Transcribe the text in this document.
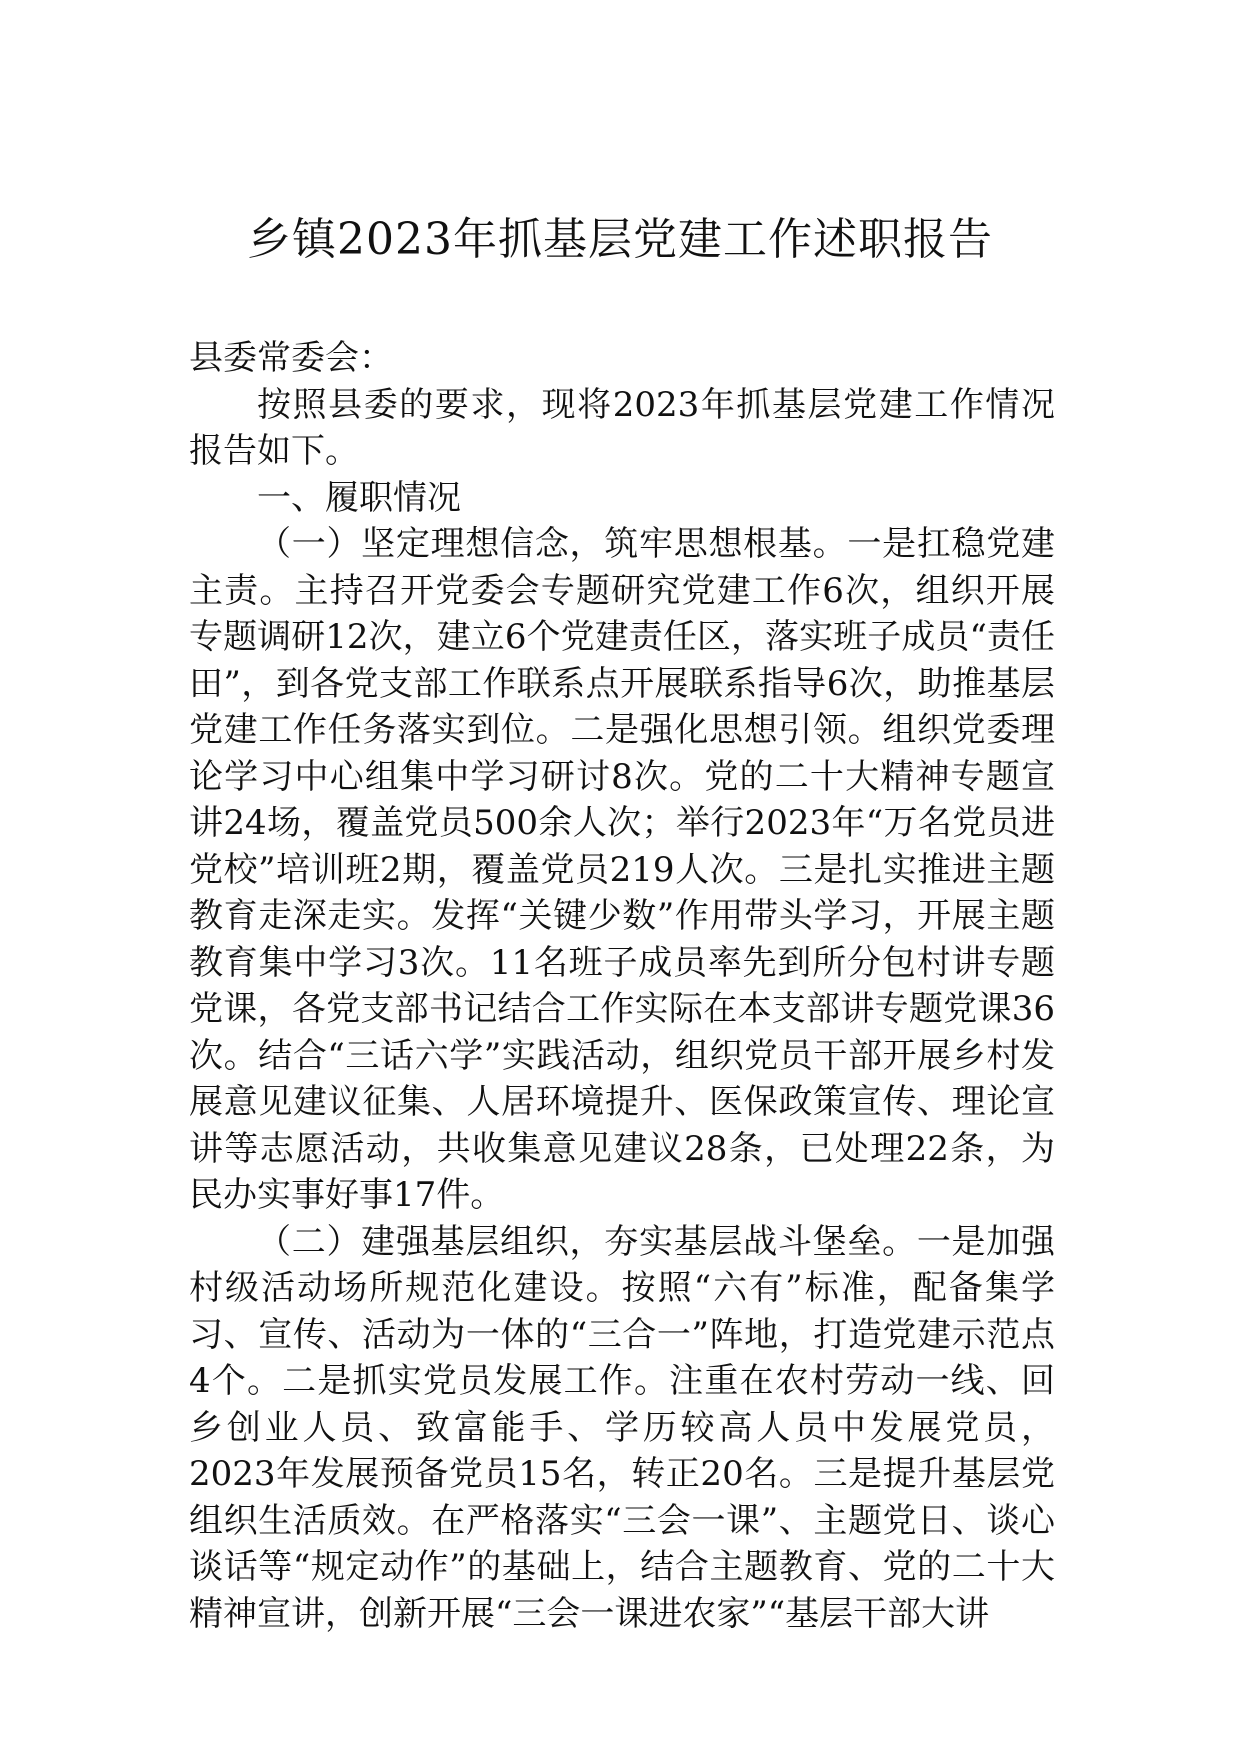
乡镇2023年抓基层党建工作述职报告

县委常委会：

按照县委的要求，现将2023年抓基层党建工作情况报告如下。

一、履职情况

（一）坚定理想信念，筑牢思想根基。一是扛稳党建主责。主持召开党委会专题研究党建工作6次，组织开展专题调研12次，建立6个党建责任区，落实班子成员“责任田”，到各党支部工作联系点开展联系指导6次，助推基层党建工作任务落实到位。二是强化思想引领。组织党委理论学习中心组集中学习研讨8次。党的二十大精神专题宣讲24场，覆盖党员500余人次；举行2023年“万名党员进党校”培训班2期，覆盖党员219人次。三是扎实推进主题教育走深走实。发挥“关键少数”作用带头学习，开展主题教育集中学习3次。11名班子成员率先到所分包村讲专题党课，各党支部书记结合工作实际在本支部讲专题党课36次。结合“三话六学”实践活动，组织党员干部开展乡村发展意见建议征集、人居环境提升、医保政策宣传、理论宣讲等志愿活动，共收集意见建议28条，已处理22条，为民办实事好事17件。

（二）建强基层组织，夯实基层战斗堡垒。一是加强村级活动场所规范化建设。按照“六有”标准，配备集学习、宣传、活动为一体的“三合一”阵地，打造党建示范点4个。二是抓实党员发展工作。注重在农村劳动一线、回乡创业人员、致富能手、学历较高人员中发展党员，2023年发展预备党员15名，转正20名。三是提升基层党组织生活质效。在严格落实“三会一课”、主题党日、谈心谈话等“规定动作”的基础上，结合主题教育、党的二十大精神宣讲，创新开展“三会一课进农家”“基层干部大讲
